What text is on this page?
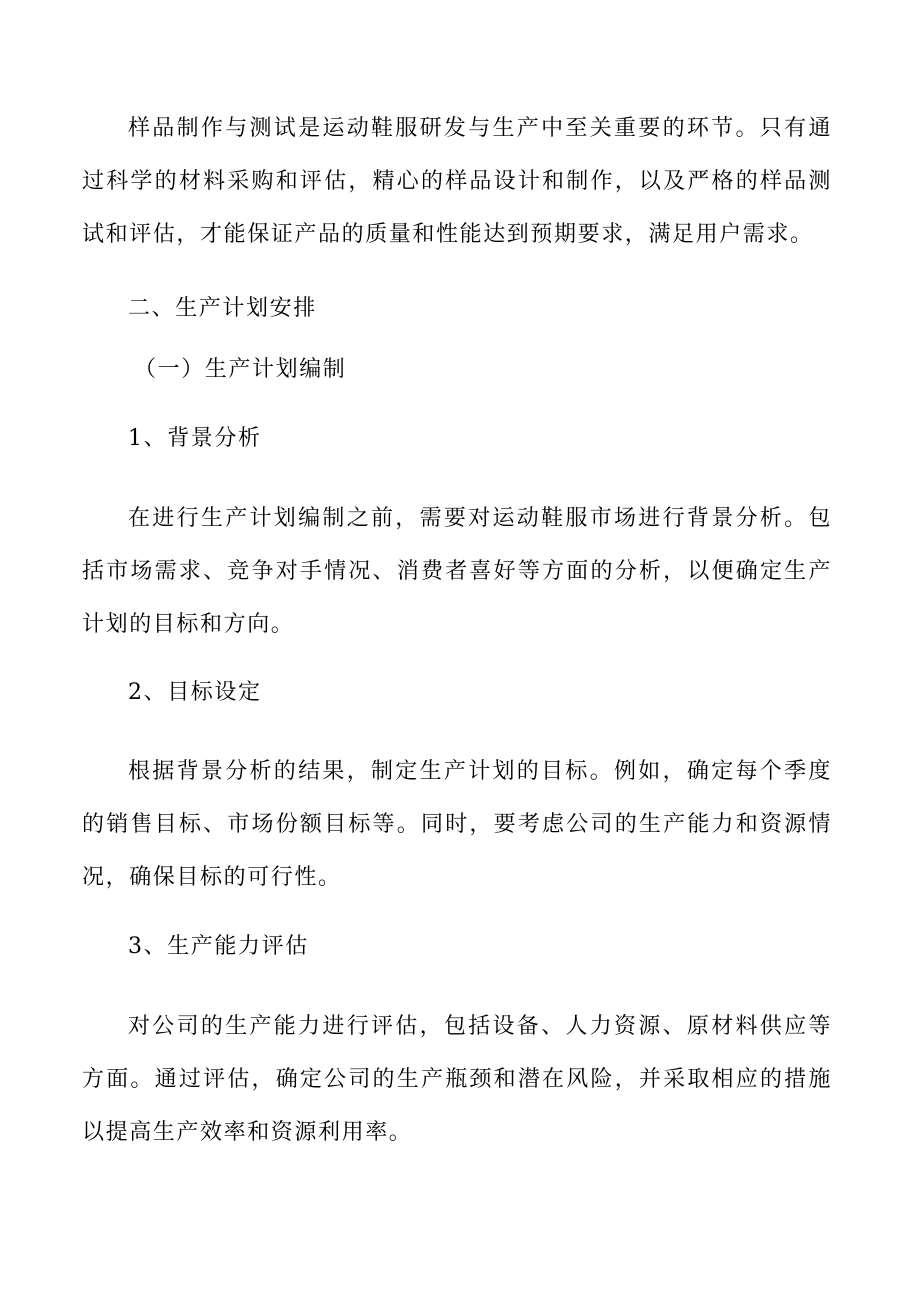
样品制作与测试是运动鞋服研发与生产中至关重要的环节。只有通过科学的材料采购和评估，精心的样品设计和制作，以及严格的样品测试和评估，才能保证产品的质量和性能达到预期要求，满足用户需求。

二、生产计划安排
（一）生产计划编制
1、背景分析

在进行生产计划编制之前，需要对运动鞋服市场进行背景分析。包括市场需求、竞争对手情况、消费者喜好等方面的分析，以便确定生产计划的目标和方向。

2、目标设定

根据背景分析的结果，制定生产计划的目标。例如，确定每个季度的销售目标、市场份额目标等。同时，要考虑公司的生产能力和资源情况，确保目标的可行性。

3、生产能力评估

对公司的生产能力进行评估，包括设备、人力资源、原材料供应等方面。通过评估，确定公司的生产瓶颈和潜在风险，并采取相应的措施以提高生产效率和资源利用率。
